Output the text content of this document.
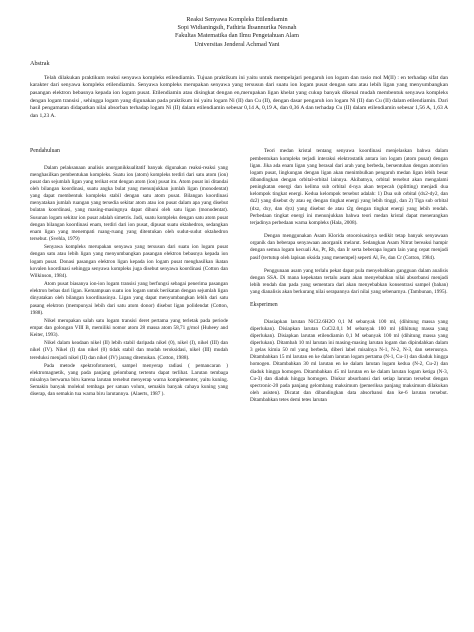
Reaksi Senyawa Kompleks Etilendiamin
Sopi Widianingsih, Fathiria Ihsannurika Nesnah
Fakultas Matematika dan Ilmu Pengetahuan Alam
Universitas Jenderal Achmad Yani
Abstrak
Telah dilakukan praktikum reaksi senyawa kompleks etilendiamin. Tujuan praktikum ini yaitu untuk mempelajari pengaruh ion logam dan rasio mol M(II) : en terhadap sifat dan karakter dari senyawa kompleks etilendiamin. Senyawa kompleks merupakan senyawa yang tersusun dari suatu ion logam pusat dengan satu atau lebih ligan yang menyumbangkan pasangan elektron bebasnya kepada ion logam pusat. Etilendiamin atau disingkat dengan en,merupakan ligan khelat yang cukup banyak dikenal mudah membentuk senyawa kompleks dengan logam transisi , sehingga logam yang digunakan pada praktikum ini yaitu logam Ni (II) dan Cu (II), dengan dasar pengaruh ion logam Ni (II) dan Cu (II) dalam etilendiamin. Dari hasil pengamatan didapatkan nilai absorban terhadap logam Ni (II) dalam etilendiamin sebesar 0,14 A, 0,19 A, dan 0,36 A dan terhadap Cu (II) dalam etilendiamin sebesar 1,56 A, 1,63 A dan 1,23 A.
Pendahuluan

Dalam pelaksanaan analisis anorganikkualitatif banyak digunakan reaksi-reaksi yang menghasilkan pembentukan kompleks. Suatu ion (atom) kompleks terdiri dari satu atom (ion) pusat dan sejumlah ligan yang terikat erat dengan atom (ion) pusat itu. Atom pusat ini ditandai oleh bilangan koordinasi, suatu angka bulat yang menunjukkan jumlah ligan (monodentat) yang dapat membentuk kompleks stabil dengan satu atom pusat. Bilangan koordinasi menyatakan jumlah ruangan yang tersedia sekitar atom atau ion pusat dalam apa yang disebut bulatan koordinasi, yang masing-masingnya dapat dihuni oleh satu ligan (monodentat). Susunan logam sekitar ion pusat adalah simetris. Jadi, suatu kompleks dengan satu atom pusat dengan bilangan koordinasi enam, terdiri dari ion pusat, dipusat suatu oktahedron, sedangkan enam ligan yang menempati ruang-ruang yang ditentukan oleh sudut-sudut oktahedron tersebut. (Svehla, 1979)

Senyawa kompleks merupakan senyawa yang tersusun dari suatu ion logam pusat dengan satu atau lebih ligan yang menyumbangkan pasangan elektron bebasnya kepada ion logam pusat. Donasi pasangan elektron ligan kepada ion logam pusat menghasilkan ikatan kovalen koordinasi sehingga senyawa kompleks juga disebut senyawa koordinasi (Cotton dan Wilkinson, 1984).

Atom pusat biasanya ion-ion logam transisi yang berfungsi sebagai penerima pasangan elektron bebas dari ligan. Kemampuan suatu ion logam untuk berikatan dengan sejumlah ligan dinyatakan oleh bilangan koordinasinya. Ligan yang dapat menyumbangkan lebih dari satu pasang elektron (mempunyai lebih dari satu atom donor) disebut ligan polidendat (Cotton, 1988).

Nikel merupakan salah satu logam transisi deret pertama yang terletak pada periode empat dan golongan VIII B, memiliki nomor atom 28 massa atom 58,71 g/mol (Huheey and Keiter, 1993).

Nikel dalam keadaan nikel (II) lebih stabil daripada nikel (0), nikel (I), nikel (III) dan nikel (IV). Nikel (I) dan nikel (0) tidak stabil dan mudah teroksidasi, nikel (III) mudah tereduksi menjadi nikel (II) dan nikel (IV) jarang ditemukan. (Cotton, 1988).

Pada metode spektrofotometri, sampel menyerap radiasi ( pemancaran ) elektromagnetik, yang pada panjang gelombang tertentu dapat terlihat. Larutan tembaga misalnya berwarna biru karena larutan tersebut menyerap warna komplementer, yaitu kuning. Semakin banyak molekul tembaga per satuan volum, semakin banyak cahaya kuning yang diserap, dan semakin tua warna biru larutannya. (Alaerts, 1987 ).

Teori medan kristal tentang senyawa koordinasi menjelaskan bahwa dalam pembentukan kompleks terjadi interaksi elektrostatik antara ion logam (atom pusat) dengan ligan. Jika ada enam ligan yang berasal dari arah yang berbeda, bersentuhan dengan atom/ion logam pusat, lingkungan dengan ligan akan menimbulkan pengaruh medan ligan lebih besar dibandingkan dengan orbital-orbital lainnya. Akibatnya, orbital tersebut akan mengalami peningkatan energi dan kelima sub orbital d-nya akan terpecah (splitting) menjadi dua kelompok tingkat energi. Kedua kelompok tersebut adalah: 1) Dua sub orbital (dx2-dy2, dan dz2) yang disebut dy atau eg dengan tingkat energi yang lebih tinggi, dan 2) Tiga sub orbital (dxz, dxy, dan dyz) yang disebut de atau t2g dengan tingkat energi yang lebih rendah. Perbedaan tingkat energi ini menunjukkan bahwa teori medan kristal dapat menerangkan terjadinya perbedaan warna kompleks (Hala, 2008).

Dengan menggunakan Asam Klorida otooroisasinya sedikit tetap banyak senyawaan organik dan beberapa senyawaan anorganik melarut. Sedangkan Asam Nitrat bereaksi hampir dengan semua logam kecuali Au, Pt, Rh, dan Ir serta beberapa logam lain yang cepat menjadi pasif (tertutup oleh lapisan oksida yang menempel) seperti Al, Fe, dan Cr (Cotton, 1984).

Penggunaan asam yang terlalu pekat dapat pula menyebabkan gangguan dalam analisis dengan SSA. Di mana kepekatan tertalu asam akan menyebabkan nilai absorbansi menjadi lebih rendah dan pada yang sementara dari akan menyebabkan konsentrasi sampel (bahan) yang dianalisis akan berkurang nilai serapannya dari nilai yang sebenarnya. (Tambunan, 1995).

Eksperimen

Diasiapkan larutan NiCl2.6H2O 0,1 M sebanyak 100 ml, (dihitung massa yang diperlukan). Disiapkan larutan CuCl2.0,1 M sebanyak 100 ml (dihitung massa yang diperlukan). Disiapkan larutan etilendiamin 0,1 M sebanyak 100 ml (dihitung massa yang diperlukan). Ditambah 10 ml larutan ini masing-masing larutan logam dan dipindahkan dalam 3 gelas kimia 50 ml yang berbeda, diberi label misalnya N-1, N-2, N-3, dan seterusnya. Ditambahkan 15 ml larutan en ke dalam larutan logam pertama (N-1, Cu-1) dan diaduk hingga homogen. Ditambahkan 30 ml larutan en ke dalam larutan logam kedua (N-2, Cu-2) dan diaduk hingga homogen. Ditambahkan 45 ml larutan en ke dalam larutan logam ketiga (N-3, Cu-3) dan diaduk hingga homogen. Diukur absorbansi dari setiap larutan tersebut dengan spectronic-20 pada panjang gelombang maksimum (pemeriksa panjang maksimum dilakukan oleh asisten). Dicatat dan dibandingkan data absorbansi dan ke-6 larutan tersebut. Ditambahkan tetes demi tetes larutan
